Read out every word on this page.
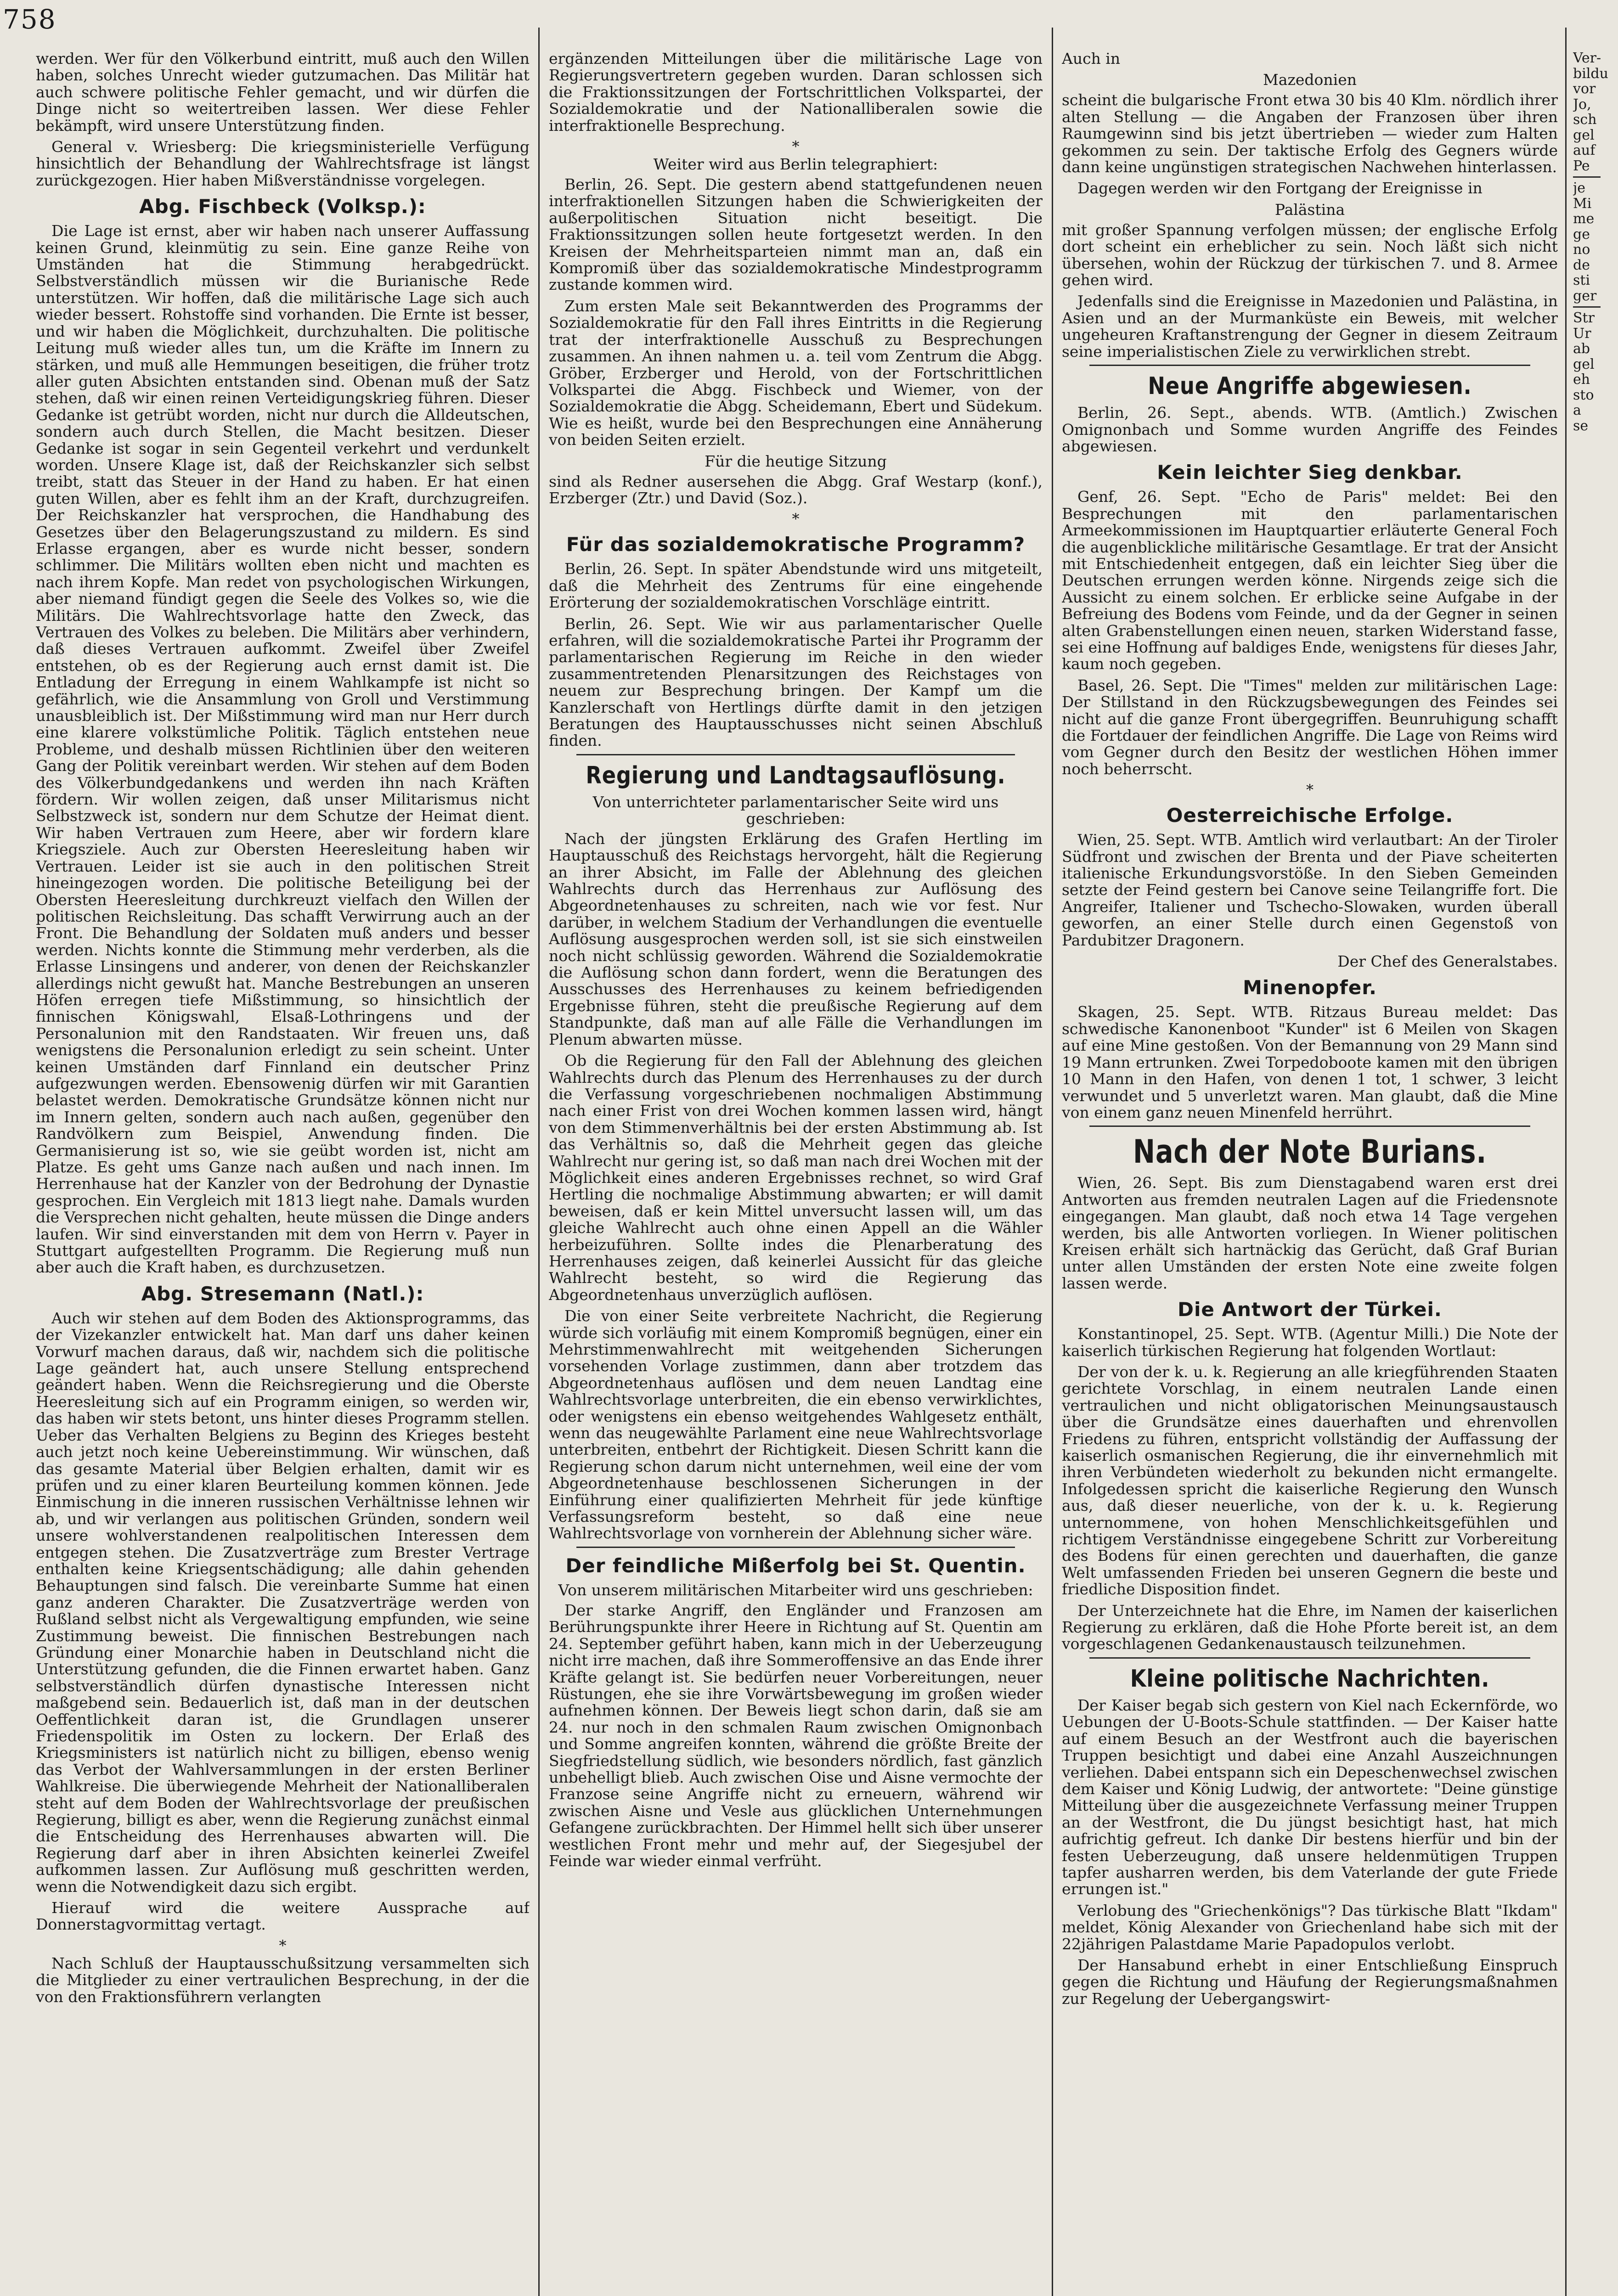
758

werden. Wer für den Völkerbund eintritt, muß auch den Willen haben, solches Unrecht wieder gutzumachen. Das Militär hat auch schwere politische Fehler gemacht, und wir dürfen die Dinge nicht so weitertreiben lassen. Wer diese Fehler bekämpft, wird unsere Unterstützung finden.

General v. Wriesberg: Die kriegsministerielle Verfügung hinsichtlich der Behandlung der Wahlrechtsfrage ist längst zurückgezogen. Hier haben Mißverständnisse vorgelegen.

Abg. Fischbeck (Volksp.):

Die Lage ist ernst, aber wir haben nach unserer Auffassung keinen Grund, kleinmütig zu sein. Eine ganze Reihe von Umständen hat die Stimmung herabgedrückt. Selbstverständlich müssen wir die Burianische Rede unterstützen. Wir hoffen, daß die militärische Lage sich auch wieder bessert. Rohstoffe sind vorhanden. Die Ernte ist besser, und wir haben die Möglichkeit, durchzuhalten. Die politische Leitung muß wieder alles tun, um die Kräfte im Innern zu stärken, und muß alle Hemmungen beseitigen, die früher trotz aller guten Absichten entstanden sind. Obenan muß der Satz stehen, daß wir einen reinen Verteidigungskrieg führen. Dieser Gedanke ist getrübt worden, nicht nur durch die Alldeutschen, sondern auch durch Stellen, die Macht besitzen. Dieser Gedanke ist sogar in sein Gegenteil verkehrt und verdunkelt worden. Unsere Klage ist, daß der Reichskanzler sich selbst treibt, statt das Steuer in der Hand zu haben. Er hat einen guten Willen, aber es fehlt ihm an der Kraft, durchzugreifen. Der Reichskanzler hat versprochen, die Handhabung des Gesetzes über den Belagerungszustand zu mildern. Es sind Erlasse ergangen, aber es wurde nicht besser, sondern schlimmer. Die Militärs wollten eben nicht und machten es nach ihrem Kopfe. Man redet von psychologischen Wirkungen, aber niemand fündigt gegen die Seele des Volkes so, wie die Militärs. Die Wahlrechtsvorlage hatte den Zweck, das Vertrauen des Volkes zu beleben. Die Militärs aber verhindern, daß dieses Vertrauen aufkommt. Zweifel über Zweifel entstehen, ob es der Regierung auch ernst damit ist. Die Entladung der Erregung in einem Wahlkampfe ist nicht so gefährlich, wie die Ansammlung von Groll und Verstimmung unausbleiblich ist. Der Mißstimmung wird man nur Herr durch eine klarere volkstümliche Politik. Täglich entstehen neue Probleme, und deshalb müssen Richtlinien über den weiteren Gang der Politik vereinbart werden. Wir stehen auf dem Boden des Völkerbundgedankens und werden ihn nach Kräften fördern. Wir wollen zeigen, daß unser Militarismus nicht Selbstzweck ist, sondern nur dem Schutze der Heimat dient. Wir haben Vertrauen zum Heere, aber wir fordern klare Kriegsziele. Auch zur Obersten Heeresleitung haben wir Vertrauen. Leider ist sie auch in den politischen Streit hineingezogen worden. Die politische Beteiligung bei der Obersten Heeresleitung durchkreuzt vielfach den Willen der politischen Reichsleitung. Das schafft Verwirrung auch an der Front. Die Behandlung der Soldaten muß anders und besser werden. Nichts konnte die Stimmung mehr verderben, als die Erlasse Linsingens und anderer, von denen der Reichskanzler allerdings nicht gewußt hat. Manche Bestrebungen an unseren Höfen erregen tiefe Mißstimmung, so hinsichtlich der finnischen Königswahl, Elsaß-Lothringens und der Personalunion mit den Randstaaten. Wir freuen uns, daß wenigstens die Personalunion erledigt zu sein scheint. Unter keinen Umständen darf Finnland ein deutscher Prinz aufgezwungen werden. Ebensowenig dürfen wir mit Garantien belastet werden. Demokratische Grundsätze können nicht nur im Innern gelten, sondern auch nach außen, gegenüber den Randvölkern zum Beispiel, Anwendung finden. Die Germanisierung ist so, wie sie geübt worden ist, nicht am Platze. Es geht ums Ganze nach außen und nach innen. Im Herrenhause hat der Kanzler von der Bedrohung der Dynastie gesprochen. Ein Vergleich mit 1813 liegt nahe. Damals wurden die Versprechen nicht gehalten, heute müssen die Dinge anders laufen. Wir sind einverstanden mit dem von Herrn v. Payer in Stuttgart aufgestellten Programm. Die Regierung muß nun aber auch die Kraft haben, es durchzusetzen.

Abg. Stresemann (Natl.):

Auch wir stehen auf dem Boden des Aktionsprogramms, das der Vizekanzler entwickelt hat. Man darf uns daher keinen Vorwurf machen daraus, daß wir, nachdem sich die politische Lage geändert hat, auch unsere Stellung entsprechend geändert haben. Wenn die Reichsregierung und die Oberste Heeresleitung sich auf ein Programm einigen, so werden wir, das haben wir stets betont, uns hinter dieses Programm stellen. Ueber das Verhalten Belgiens zu Beginn des Krieges besteht auch jetzt noch keine Uebereinstimmung. Wir wünschen, daß das gesamte Material über Belgien erhalten, damit wir es prüfen und zu einer klaren Beurteilung kommen können. Jede Einmischung in die inneren russischen Verhältnisse lehnen wir ab, und wir verlangen aus politischen Gründen, sondern weil unsere wohlverstandenen realpolitischen Interessen dem entgegen stehen. Die Zusatzverträge zum Brester Vertrage enthalten keine Kriegsentschädigung; alle dahin gehenden Behauptungen sind falsch. Die vereinbarte Summe hat einen ganz anderen Charakter. Die Zusatzverträge werden von Rußland selbst nicht als Vergewaltigung empfunden, wie seine Zustimmung beweist. Die finnischen Bestrebungen nach Gründung einer Monarchie haben in Deutschland nicht die Unterstützung gefunden, die die Finnen erwartet haben. Ganz selbstverständlich dürfen dynastische Interessen nicht maßgebend sein. Bedauerlich ist, daß man in der deutschen Oeffentlichkeit daran ist, die Grundlagen unserer Friedenspolitik im Osten zu lockern. Der Erlaß des Kriegsministers ist natürlich nicht zu billigen, ebenso wenig das Verbot der Wahlversammlungen in der ersten Berliner Wahlkreise. Die überwiegende Mehrheit der Nationalliberalen steht auf dem Boden der Wahlrechtsvorlage der preußischen Regierung, billigt es aber, wenn die Regierung zunächst einmal die Entscheidung des Herrenhauses abwarten will. Die Regierung darf aber in ihren Absichten keinerlei Zweifel aufkommen lassen. Zur Auflösung muß geschritten werden, wenn die Notwendigkeit dazu sich ergibt.

Hierauf wird die weitere Aussprache auf Donnerstagvormittag vertagt.

*

Nach Schluß der Hauptausschußsitzung versammelten sich die Mitglieder zu einer vertraulichen Besprechung, in der die von den Fraktionsführern verlangten

ergänzenden Mitteilungen über die militärische Lage von Regierungsvertretern gegeben wurden. Daran schlossen sich die Fraktionssitzungen der Fortschrittlichen Volkspartei, der Sozialdemokratie und der Nationalliberalen sowie die interfraktionelle Besprechung.

*
Weiter wird aus Berlin telegraphiert:

Berlin, 26. Sept. Die gestern abend stattgefundenen neuen interfraktionellen Sitzungen haben die Schwierigkeiten der außerpolitischen Situation nicht beseitigt. Die Fraktionssitzungen sollen heute fortgesetzt werden. In den Kreisen der Mehrheitsparteien nimmt man an, daß ein Kompromiß über das sozialdemokratische Mindestprogramm zustande kommen wird.

Zum ersten Male seit Bekanntwerden des Programms der Sozialdemokratie für den Fall ihres Eintritts in die Regierung trat der interfraktionelle Ausschuß zu Besprechungen zusammen. An ihnen nahmen u. a. teil vom Zentrum die Abgg. Gröber, Erzberger und Herold, von der Fortschrittlichen Volkspartei die Abgg. Fischbeck und Wiemer, von der Sozialdemokratie die Abgg. Scheidemann, Ebert und Südekum. Wie es heißt, wurde bei den Besprechungen eine Annäherung von beiden Seiten erzielt.

Für die heutige Sitzung

sind als Redner ausersehen die Abgg. Graf Westarp (konf.), Erzberger (Ztr.) und David (Soz.).

*
Für das sozialdemokratische Programm?

Berlin, 26. Sept. In später Abendstunde wird uns mitgeteilt, daß die Mehrheit des Zentrums für eine eingehende Erörterung der sozialdemokratischen Vorschläge eintritt.

Berlin, 26. Sept. Wie wir aus parlamentarischer Quelle erfahren, will die sozialdemokratische Partei ihr Programm der parlamentarischen Regierung im Reiche in den wieder zusammentretenden Plenarsitzungen des Reichstages von neuem zur Besprechung bringen. Der Kampf um die Kanzlerschaft von Hertlings dürfte damit in den jetzigen Beratungen des Hauptausschusses nicht seinen Abschluß finden.

Regierung und Landtagsauflösung.
Von unterrichteter parlamentarischer Seite wird uns geschrieben:

Nach der jüngsten Erklärung des Grafen Hertling im Hauptausschuß des Reichstags hervorgeht, hält die Regierung an ihrer Absicht, im Falle der Ablehnung des gleichen Wahlrechts durch das Herrenhaus zur Auflösung des Abgeordnetenhauses zu schreiten, nach wie vor fest. Nur darüber, in welchem Stadium der Verhandlungen die eventuelle Auflösung ausgesprochen werden soll, ist sie sich einstweilen noch nicht schlüssig geworden. Während die Sozialdemokratie die Auflösung schon dann fordert, wenn die Beratungen des Ausschusses des Herrenhauses zu keinem befriedigenden Ergebnisse führen, steht die preußische Regierung auf dem Standpunkte, daß man auf alle Fälle die Verhandlungen im Plenum abwarten müsse.

Ob die Regierung für den Fall der Ablehnung des gleichen Wahlrechts durch das Plenum des Herrenhauses zu der durch die Verfassung vorgeschriebenen nochmaligen Abstimmung nach einer Frist von drei Wochen kommen lassen wird, hängt von dem Stimmenverhältnis bei der ersten Abstimmung ab. Ist das Verhältnis so, daß die Mehrheit gegen das gleiche Wahlrecht nur gering ist, so daß man nach drei Wochen mit der Möglichkeit eines anderen Ergebnisses rechnet, so wird Graf Hertling die nochmalige Abstimmung abwarten; er will damit beweisen, daß er kein Mittel unversucht lassen will, um das gleiche Wahlrecht auch ohne einen Appell an die Wähler herbeizuführen. Sollte indes die Plenarberatung des Herrenhauses zeigen, daß keinerlei Aussicht für das gleiche Wahlrecht besteht, so wird die Regierung das Abgeordnetenhaus unverzüglich auflösen.

Die von einer Seite verbreitete Nachricht, die Regierung würde sich vorläufig mit einem Kompromiß begnügen, einer ein Mehrstimmenwahlrecht mit weitgehenden Sicherungen vorsehenden Vorlage zustimmen, dann aber trotzdem das Abgeordnetenhaus auflösen und dem neuen Landtag eine Wahlrechtsvorlage unterbreiten, die ein ebenso verwirklichtes, oder wenigstens ein ebenso weitgehendes Wahlgesetz enthält, wenn das neugewählte Parlament eine neue Wahlrechtsvorlage unterbreiten, entbehrt der Richtigkeit. Diesen Schritt kann die Regierung schon darum nicht unternehmen, weil eine der vom Abgeordnetenhause beschlossenen Sicherungen in der Einführung einer qualifizierten Mehrheit für jede künftige Verfassungsreform besteht, so daß eine neue Wahlrechtsvorlage von vornherein der Ablehnung sicher wäre.

Der feindliche Mißerfolg bei St. Quentin.
Von unserem militärischen Mitarbeiter wird uns geschrieben:

Der starke Angriff, den Engländer und Franzosen am Berührungspunkte ihrer Heere in Richtung auf St. Quentin am 24. September geführt haben, kann mich in der Ueberzeugung nicht irre machen, daß ihre Sommeroffensive an das Ende ihrer Kräfte gelangt ist. Sie bedürfen neuer Vorbereitungen, neuer Rüstungen, ehe sie ihre Vorwärtsbewegung im großen wieder aufnehmen können. Der Beweis liegt schon darin, daß sie am 24. nur noch in den schmalen Raum zwischen Omignonbach und Somme angreifen konnten, während die größte Breite der Siegfriedstellung südlich, wie besonders nördlich, fast gänzlich unbehelligt blieb. Auch zwischen Oise und Aisne vermochte der Franzose seine Angriffe nicht zu erneuern, während wir zwischen Aisne und Vesle aus glücklichen Unternehmungen Gefangene zurückbrachten. Der Himmel hellt sich über unserer westlichen Front mehr und mehr auf, der Siegesjubel der Feinde war wieder einmal verfrüht.

Auch in

Mazedonien

scheint die bulgarische Front etwa 30 bis 40 Klm. nördlich ihrer alten Stellung — die Angaben der Franzosen über ihren Raumgewinn sind bis jetzt übertrieben — wieder zum Halten gekommen zu sein. Der taktische Erfolg des Gegners würde dann keine ungünstigen strategischen Nachwehen hinterlassen.

Dagegen werden wir den Fortgang der Ereignisse in

Palästina

mit großer Spannung verfolgen müssen; der englische Erfolg dort scheint ein erheblicher zu sein. Noch läßt sich nicht übersehen, wohin der Rückzug der türkischen 7. und 8. Armee gehen wird.

Jedenfalls sind die Ereignisse in Mazedonien und Palästina, in Asien und an der Murmanküste ein Beweis, mit welcher ungeheuren Kraftanstrengung der Gegner in diesem Zeitraum seine imperialistischen Ziele zu verwirklichen strebt.

Neue Angriffe abgewiesen.

Berlin, 26. Sept., abends. WTB. (Amtlich.) Zwischen Omignonbach und Somme wurden Angriffe des Feindes abgewiesen.

Kein leichter Sieg denkbar.

Genf, 26. Sept. "Echo de Paris" meldet: Bei den Besprechungen mit den parlamentarischen Armeekommissionen im Hauptquartier erläuterte General Foch die augenblickliche militärische Gesamtlage. Er trat der Ansicht mit Entschiedenheit entgegen, daß ein leichter Sieg über die Deutschen errungen werden könne. Nirgends zeige sich die Aussicht zu einem solchen. Er erblicke seine Aufgabe in der Befreiung des Bodens vom Feinde, und da der Gegner in seinen alten Grabenstellungen einen neuen, starken Widerstand fasse, sei eine Hoffnung auf baldiges Ende, wenigstens für dieses Jahr, kaum noch gegeben.

Basel, 26. Sept. Die "Times" melden zur militärischen Lage: Der Stillstand in den Rückzugsbewegungen des Feindes sei nicht auf die ganze Front übergegriffen. Beunruhigung schafft die Fortdauer der feindlichen Angriffe. Die Lage von Reims wird vom Gegner durch den Besitz der westlichen Höhen immer noch beherrscht.

*
Oesterreichische Erfolge.

Wien, 25. Sept. WTB. Amtlich wird verlautbart: An der Tiroler Südfront und zwischen der Brenta und der Piave scheiterten italienische Erkundungsvorstöße. In den Sieben Gemeinden setzte der Feind gestern bei Canove seine Teilangriffe fort. Die Angreifer, Italiener und Tschecho-Slowaken, wurden überall geworfen, an einer Stelle durch einen Gegenstoß von Pardubitzer Dragonern.

Der Chef des Generalstabes.

Minenopfer.

Skagen, 25. Sept. WTB. Ritzaus Bureau meldet: Das schwedische Kanonenboot "Kunder" ist 6 Meilen von Skagen auf eine Mine gestoßen. Von der Bemannung von 29 Mann sind 19 Mann ertrunken. Zwei Torpedoboote kamen mit den übrigen 10 Mann in den Hafen, von denen 1 tot, 1 schwer, 3 leicht verwundet und 5 unverletzt waren. Man glaubt, daß die Mine von einem ganz neuen Minenfeld herrührt.

Nach der Note Burians.

Wien, 26. Sept. Bis zum Dienstagabend waren erst drei Antworten aus fremden neutralen Lagen auf die Friedensnote eingegangen. Man glaubt, daß noch etwa 14 Tage vergehen werden, bis alle Antworten vorliegen. In Wiener politischen Kreisen erhält sich hartnäckig das Gerücht, daß Graf Burian unter allen Umständen der ersten Note eine zweite folgen lassen werde.

Die Antwort der Türkei.

Konstantinopel, 25. Sept. WTB. (Agentur Milli.) Die Note der kaiserlich türkischen Regierung hat folgenden Wortlaut:

Der von der k. u. k. Regierung an alle kriegführenden Staaten gerichtete Vorschlag, in einem neutralen Lande einen vertraulichen und nicht obligatorischen Meinungsaustausch über die Grundsätze eines dauerhaften und ehrenvollen Friedens zu führen, entspricht vollständig der Auffassung der kaiserlich osmanischen Regierung, die ihr einvernehmlich mit ihren Verbündeten wiederholt zu bekunden nicht ermangelte. Infolgedessen spricht die kaiserliche Regierung den Wunsch aus, daß dieser neuerliche, von der k. u. k. Regierung unternommene, von hohen Menschlichkeitsgefühlen und richtigem Verständnisse eingegebene Schritt zur Vorbereitung des Bodens für einen gerechten und dauerhaften, die ganze Welt umfassenden Frieden bei unseren Gegnern die beste und friedliche Disposition findet.

Der Unterzeichnete hat die Ehre, im Namen der kaiserlichen Regierung zu erklären, daß die Hohe Pforte bereit ist, an dem vorgeschlagenen Gedankenaustausch teilzunehmen.

Kleine politische Nachrichten.

Der Kaiser begab sich gestern von Kiel nach Eckernförde, wo Uebungen der U-Boots-Schule stattfinden. — Der Kaiser hatte auf einem Besuch an der Westfront auch die bayerischen Truppen besichtigt und dabei eine Anzahl Auszeichnungen verliehen. Dabei entspann sich ein Depeschenwechsel zwischen dem Kaiser und König Ludwig, der antwortete: "Deine günstige Mitteilung über die ausgezeichnete Verfassung meiner Truppen an der Westfront, die Du jüngst besichtigt hast, hat mich aufrichtig gefreut. Ich danke Dir bestens hierfür und bin der festen Ueberzeugung, daß unsere heldenmütigen Truppen tapfer ausharren werden, bis dem Vaterlande der gute Friede errungen ist."

Verlobung des "Griechenkönigs"? Das türkische Blatt "Ikdam" meldet, König Alexander von Griechenland habe sich mit der 22jährigen Palastdame Marie Papadopulos verlobt.

Der Hansabund erhebt in einer Entschließung Einspruch gegen die Richtung und Häufung der Regierungsmaßnahmen zur Regelung der Uebergangswirt-

Ver-
bildu
vor
Jo,
sch
gel
auf
Pe
je
Mi
me
ge
no
de
sti
ger
Str
Ur
ab
gel
eh
sto
a
se
